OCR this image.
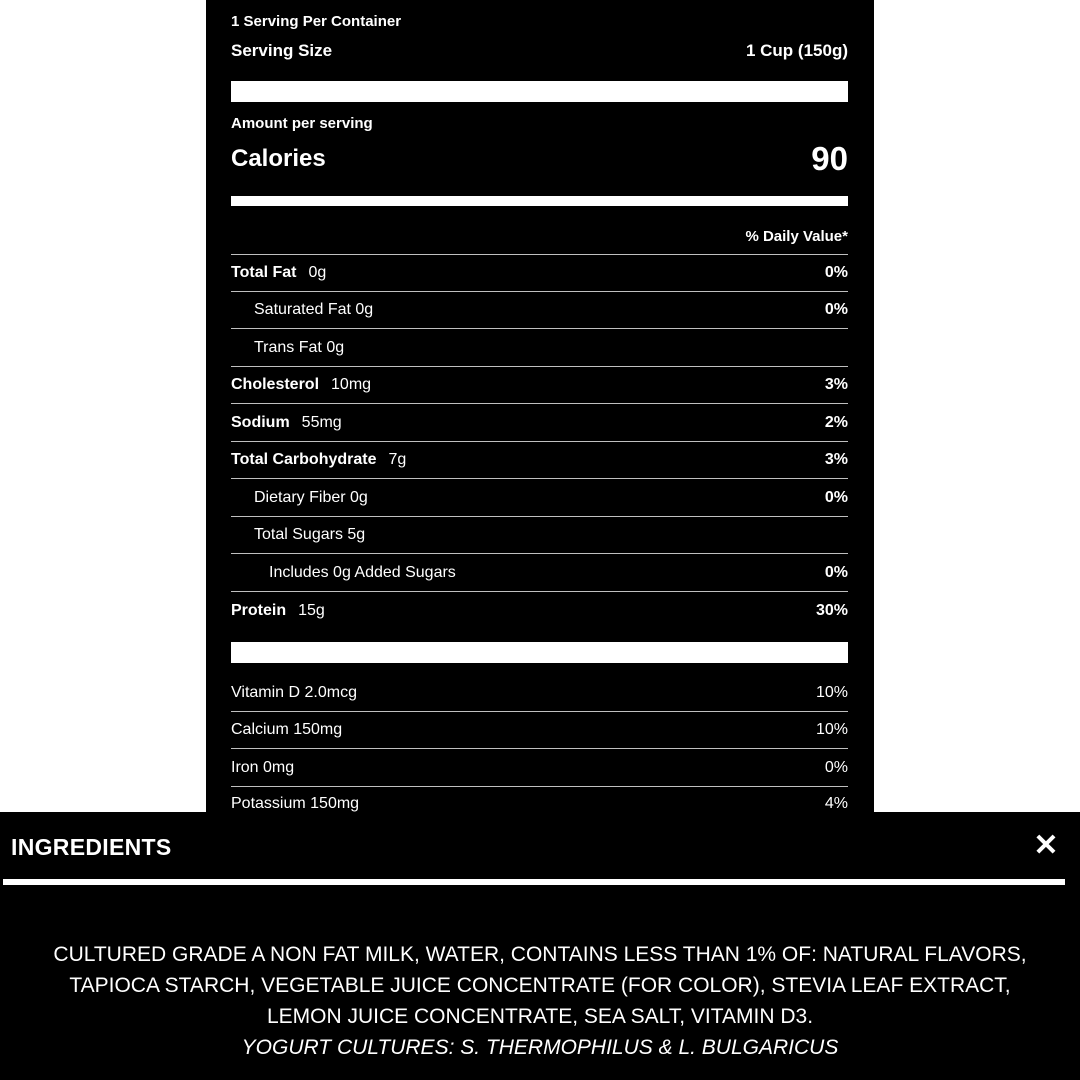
1 Serving Per Container
Serving Size	1 Cup (150g)
Amount per serving
Calories	90
% Daily Value*
Total Fat 0g	0%
Saturated Fat 0g	0%
Trans Fat 0g
Cholesterol 10mg	3%
Sodium 55mg	2%
Total Carbohydrate 7g	3%
Dietary Fiber 0g	0%
Total Sugars 5g
Includes 0g Added Sugars	0%
Protein 15g	30%
Vitamin D 2.0mcg	10%
Calcium 150mg	10%
Iron 0mg	0%
Potassium 150mg	4%
INGREDIENTS	✕
CULTURED GRADE A NON FAT MILK, WATER, CONTAINS LESS THAN 1% OF: NATURAL FLAVORS,
TAPIOCA STARCH, VEGETABLE JUICE CONCENTRATE (FOR COLOR), STEVIA LEAF EXTRACT,
LEMON JUICE CONCENTRATE, SEA SALT, VITAMIN D3.
YOGURT CULTURES: S. THERMOPHILUS & L. BULGARICUS
